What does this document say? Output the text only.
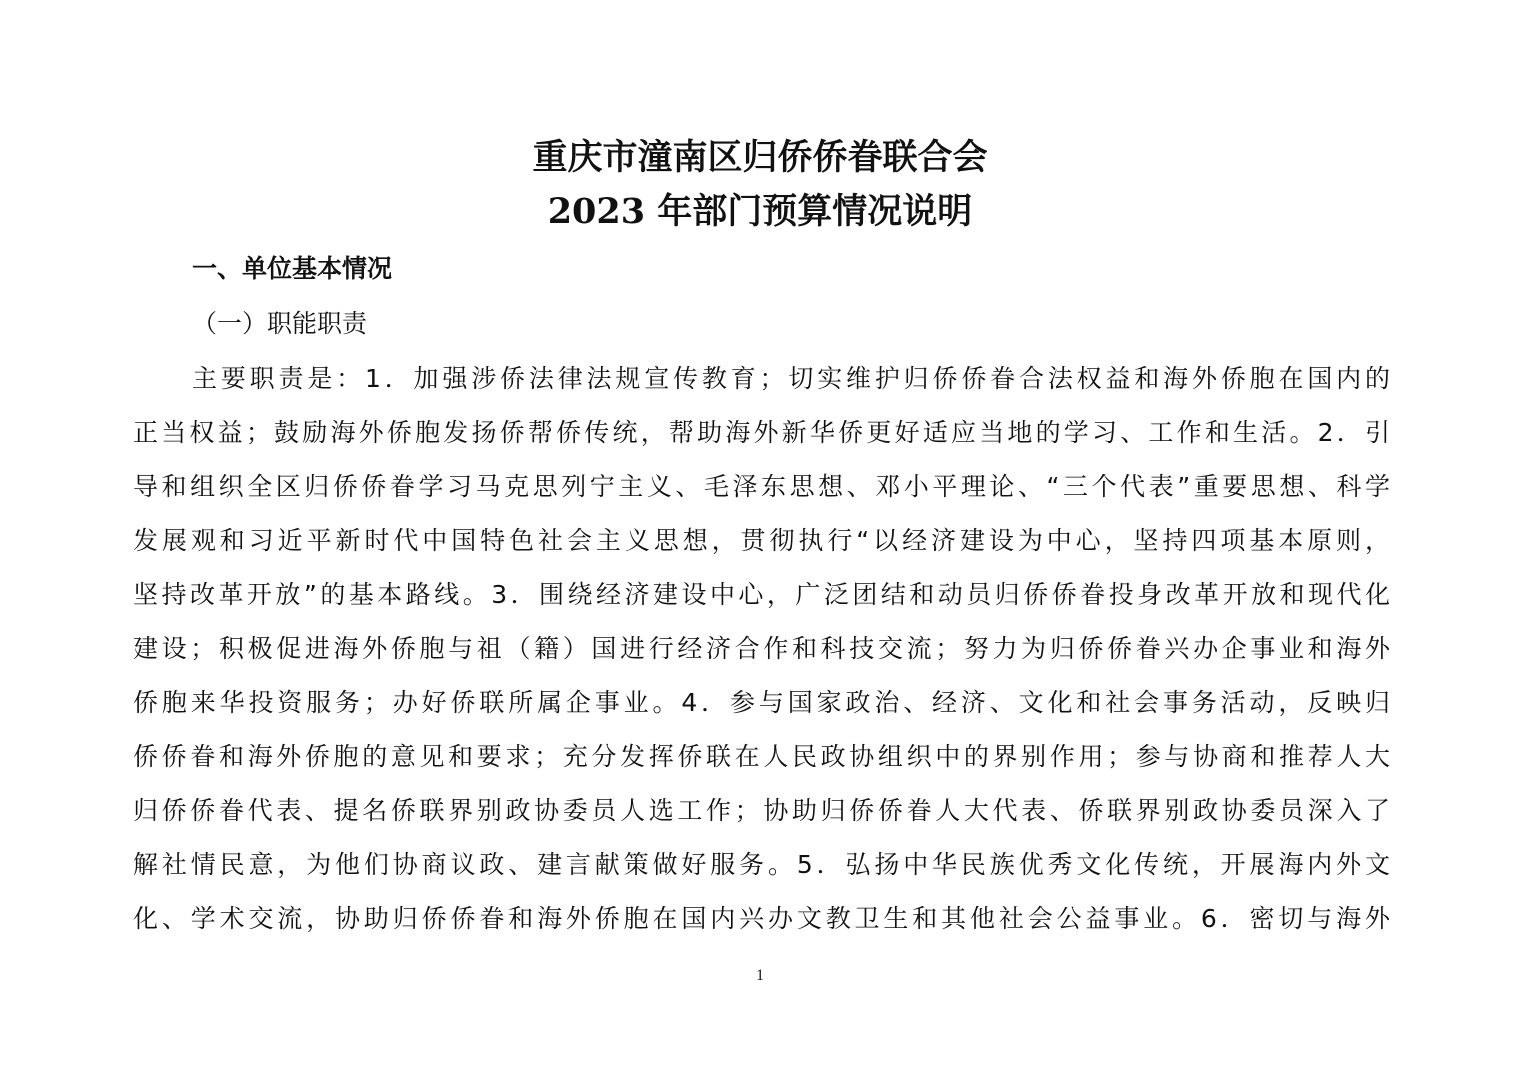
重庆市潼南区归侨侨眷联合会
2023 年部门预算情况说明
一、单位基本情况
（一）职能职责
主要职责是：1．加强涉侨法律法规宣传教育；切实维护归侨侨眷合法权益和海外侨胞在国内的
正当权益；鼓励海外侨胞发扬侨帮侨传统，帮助海外新华侨更好适应当地的学习、工作和生活。2．引
导和组织全区归侨侨眷学习马克思列宁主义、毛泽东思想、邓小平理论、“三个代表”重要思想、科学
发展观和习近平新时代中国特色社会主义思想，贯彻执行“以经济建设为中心，坚持四项基本原则，
坚持改革开放”的基本路线。3．围绕经济建设中心，广泛团结和动员归侨侨眷投身改革开放和现代化
建设；积极促进海外侨胞与祖（籍）国进行经济合作和科技交流；努力为归侨侨眷兴办企事业和海外
侨胞来华投资服务；办好侨联所属企事业。4．参与国家政治、经济、文化和社会事务活动，反映归
侨侨眷和海外侨胞的意见和要求；充分发挥侨联在人民政协组织中的界别作用；参与协商和推荐人大
归侨侨眷代表、提名侨联界别政协委员人选工作；协助归侨侨眷人大代表、侨联界别政协委员深入了
解社情民意，为他们协商议政、建言献策做好服务。5．弘扬中华民族优秀文化传统，开展海内外文
化、学术交流，协助归侨侨眷和海外侨胞在国内兴办文教卫生和其他社会公益事业。6．密切与海外
1
